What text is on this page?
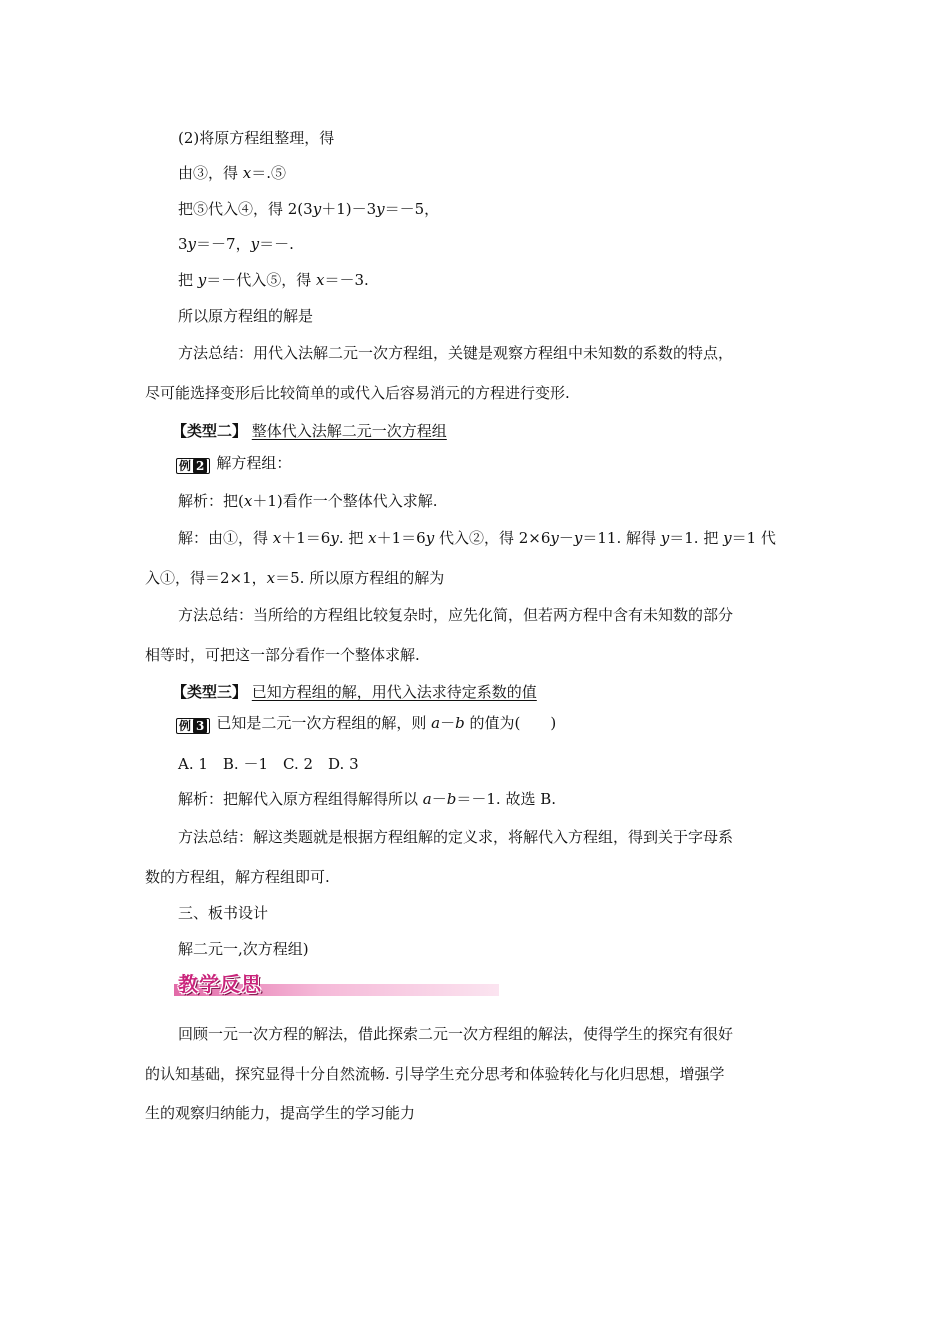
(2)将原方程组整理，得
由③，得 x＝.⑤
把⑤代入④，得 2(3y＋1)－3y＝－5，
3y＝－7，y＝－.
把 y＝－代入⑤，得 x＝－3.
所以原方程组的解是
方法总结：用代入法解二元一次方程组，关键是观察方程组中未知数的系数的特点，
尽可能选择变形后比较简单的或代入后容易消元的方程进行变形.
【类型二】 整体代入法解二元一次方程组
例 2 解方程组：
解析：把(x＋1)看作一个整体代入求解.
解：由①，得 x＋1＝6y. 把 x＋1＝6y 代入②，得 2×6y－y＝11. 解得 y＝1. 把 y＝1 代
入①，得＝2×1，x＝5. 所以原方程组的解为
方法总结：当所给的方程组比较复杂时，应先化简，但若两方程中含有未知数的部分
相等时，可把这一部分看作一个整体求解.
【类型三】 已知方程组的解，用代入法求待定系数的值
例 3 已知是二元一次方程组的解，则 a－b 的值为(　　)
A. 1　B. －1　C. 2　D. 3
解析：把解代入原方程组得解得所以 a－b＝－1. 故选 B.
方法总结：解这类题就是根据方程组解的定义求，将解代入方程组，得到关于字母系
数的方程组，解方程组即可.
三、板书设计
解二元一,次方程组)
教学反思
回顾一元一次方程的解法，借此探索二元一次方程组的解法，使得学生的探究有很好
的认知基础，探究显得十分自然流畅. 引导学生充分思考和体验转化与化归思想，增强学
生的观察归纳能力，提高学生的学习能力
